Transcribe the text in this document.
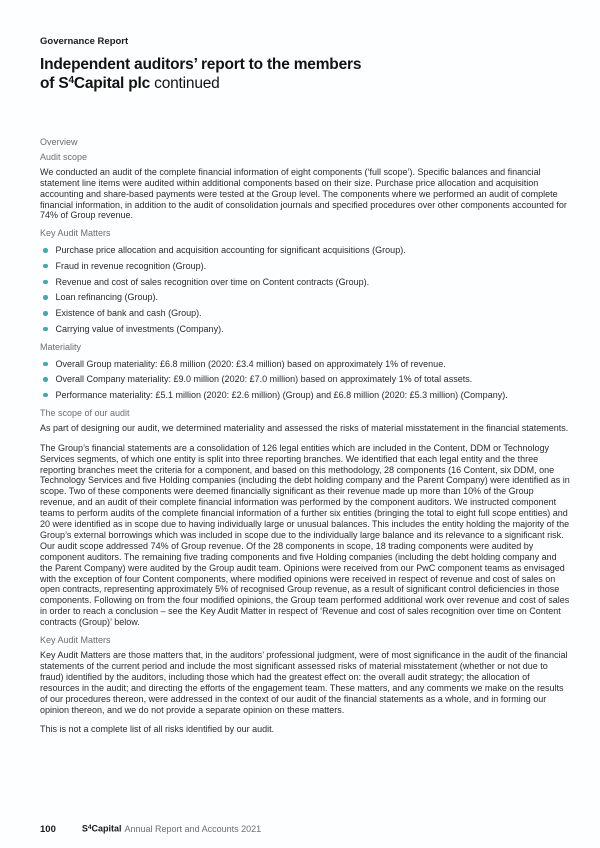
Governance Report
Independent auditors’ report to the members
of $S^4Capital$ plc continued
Overview
Audit scope

We conducted an audit of the complete financial information of eight components (‘full scope’). Specific balances and financial statement line items were audited within additional components based on their size. Purchase price allocation and acquisition accounting and share-based payments were tested at the Group level. The components where we performed an audit of complete financial information, in addition to the audit of consolidation journals and specified procedures over other components accounted for 74% of Group revenue.

Key Audit Matters
Purchase price allocation and acquisition accounting for significant acquisitions (Group).
Fraud in revenue recognition (Group).
Revenue and cost of sales recognition over time on Content contracts (Group).
Loan refinancing (Group).
Existence of bank and cash (Group).
Carrying value of investments (Company).
Materiality
Overall Group materiality: £6.8 million (2020: £3.4 million) based on approximately 1% of revenue.
Overall Company materiality: £9.0 million (2020: £7.0 million) based on approximately 1% of total assets.
Performance materiality: £5.1 million (2020: £2.6 million) (Group) and £6.8 million (2020: £5.3 million) (Company).
The scope of our audit

As part of designing our audit, we determined materiality and assessed the risks of material misstatement in the financial statements.

The Group’s financial statements are a consolidation of 126 legal entities which are included in the Content, DDM or Technology Services segments, of which one entity is split into three reporting branches. We identified that each legal entity and the three reporting branches meet the criteria for a component, and based on this methodology, 28 components (16 Content, six DDM, one Technology Services and five Holding companies (including the debt holding company and the Parent Company) were identified as in scope. Two of these components were deemed financially significant as their revenue made up more than 10% of the Group revenue, and an audit of their complete financial information was performed by the component auditors. We instructed component teams to perform audits of the complete financial information of a further six entities (bringing the total to eight full scope entities) and 20 were identified as in scope due to having individually large or unusual balances. This includes the entity holding the majority of the Group’s external borrowings which was included in scope due to the individually large balance and its relevance to a significant risk. Our audit scope addressed 74% of Group revenue. Of the 28 components in scope, 18 trading components were audited by component auditors. The remaining five trading components and five Holding companies (including the debt holding company and the Parent Company) were audited by the Group audit team. Opinions were received from our PwC component teams as envisaged with the exception of four Content components, where modified opinions were received in respect of revenue and cost of sales on open contracts, representing approximately 5% of recognised Group revenue, as a result of significant control deficiencies in those components. Following on from the four modified opinions, the Group team performed additional work over revenue and cost of sales in order to reach a conclusion – see the Key Audit Matter in respect of ‘Revenue and cost of sales recognition over time on Content contracts (Group)’ below.

Key Audit Matters

Key Audit Matters are those matters that, in the auditors’ professional judgment, were of most significance in the audit of the financial statements of the current period and include the most significant assessed risks of material misstatement (whether or not due to fraud) identified by the auditors, including those which had the greatest effect on: the overall audit strategy; the allocation of resources in the audit; and directing the efforts of the engagement team. These matters, and any comments we make on the results of our procedures thereon, were addressed in the context of our audit of the financial statements as a whole, and in forming our opinion thereon, and we do not provide a separate opinion on these matters.

This is not a complete list of all risks identified by our audit.

100	$S^4Capital$ Annual Report and Accounts 2021
